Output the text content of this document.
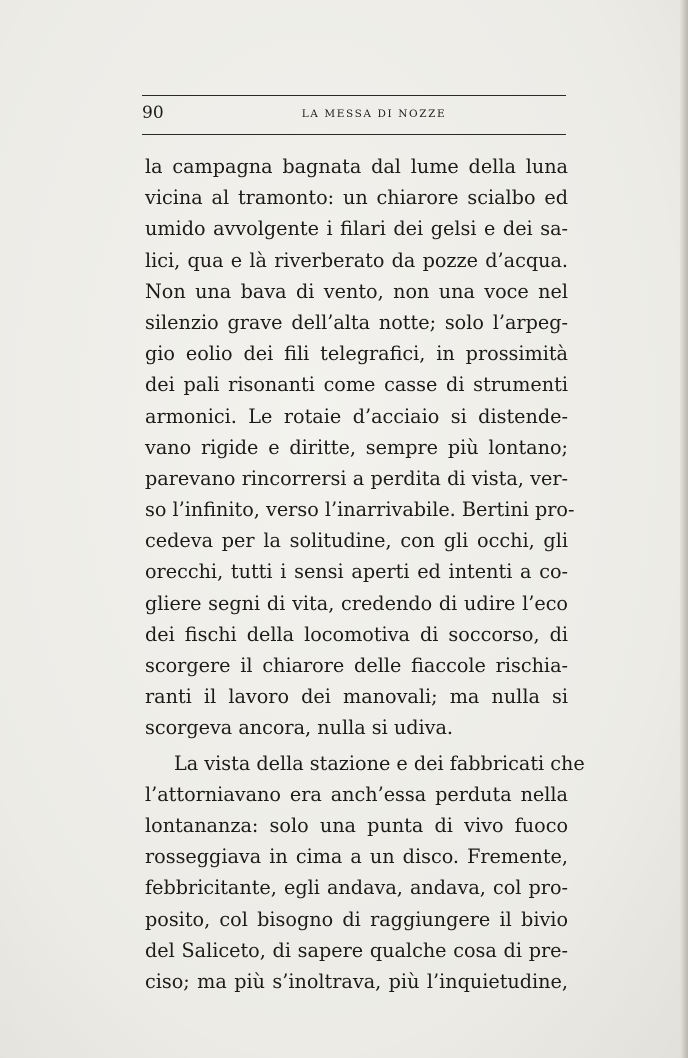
90	LA MESSA DI NOZZE
la campagna bagnata dal lume della luna
vicina al tramonto: un chiarore scialbo ed
umido avvolgente i filari dei gelsi e dei sa-
lici, qua e là riverberato da pozze d’acqua.
Non una bava di vento, non una voce nel
silenzio grave dell’alta notte; solo l’arpeg-
gio eolio dei fili telegrafici, in prossimità
dei pali risonanti come casse di strumenti
armonici. Le rotaie d’acciaio si distende-
vano rigide e diritte, sempre più lontano;
parevano rincorrersi a perdita di vista, ver-
so l’infinito, verso l’inarrivabile. Bertini pro-
cedeva per la solitudine, con gli occhi, gli
orecchi, tutti i sensi aperti ed intenti a co-
gliere segni di vita, credendo di udire l’eco
dei fischi della locomotiva di soccorso, di
scorgere il chiarore delle fiaccole rischia-
ranti il lavoro dei manovali; ma nulla si
scorgeva ancora, nulla si udiva.
La vista della stazione e dei fabbricati che
l’attorniavano era anch’essa perduta nella
lontananza: solo una punta di vivo fuoco
rosseggiava in cima a un disco. Fremente,
febbricitante, egli andava, andava, col pro-
posito, col bisogno di raggiungere il bivio
del Saliceto, di sapere qualche cosa di pre-
ciso; ma più s’inoltrava, più l’inquietudine,
